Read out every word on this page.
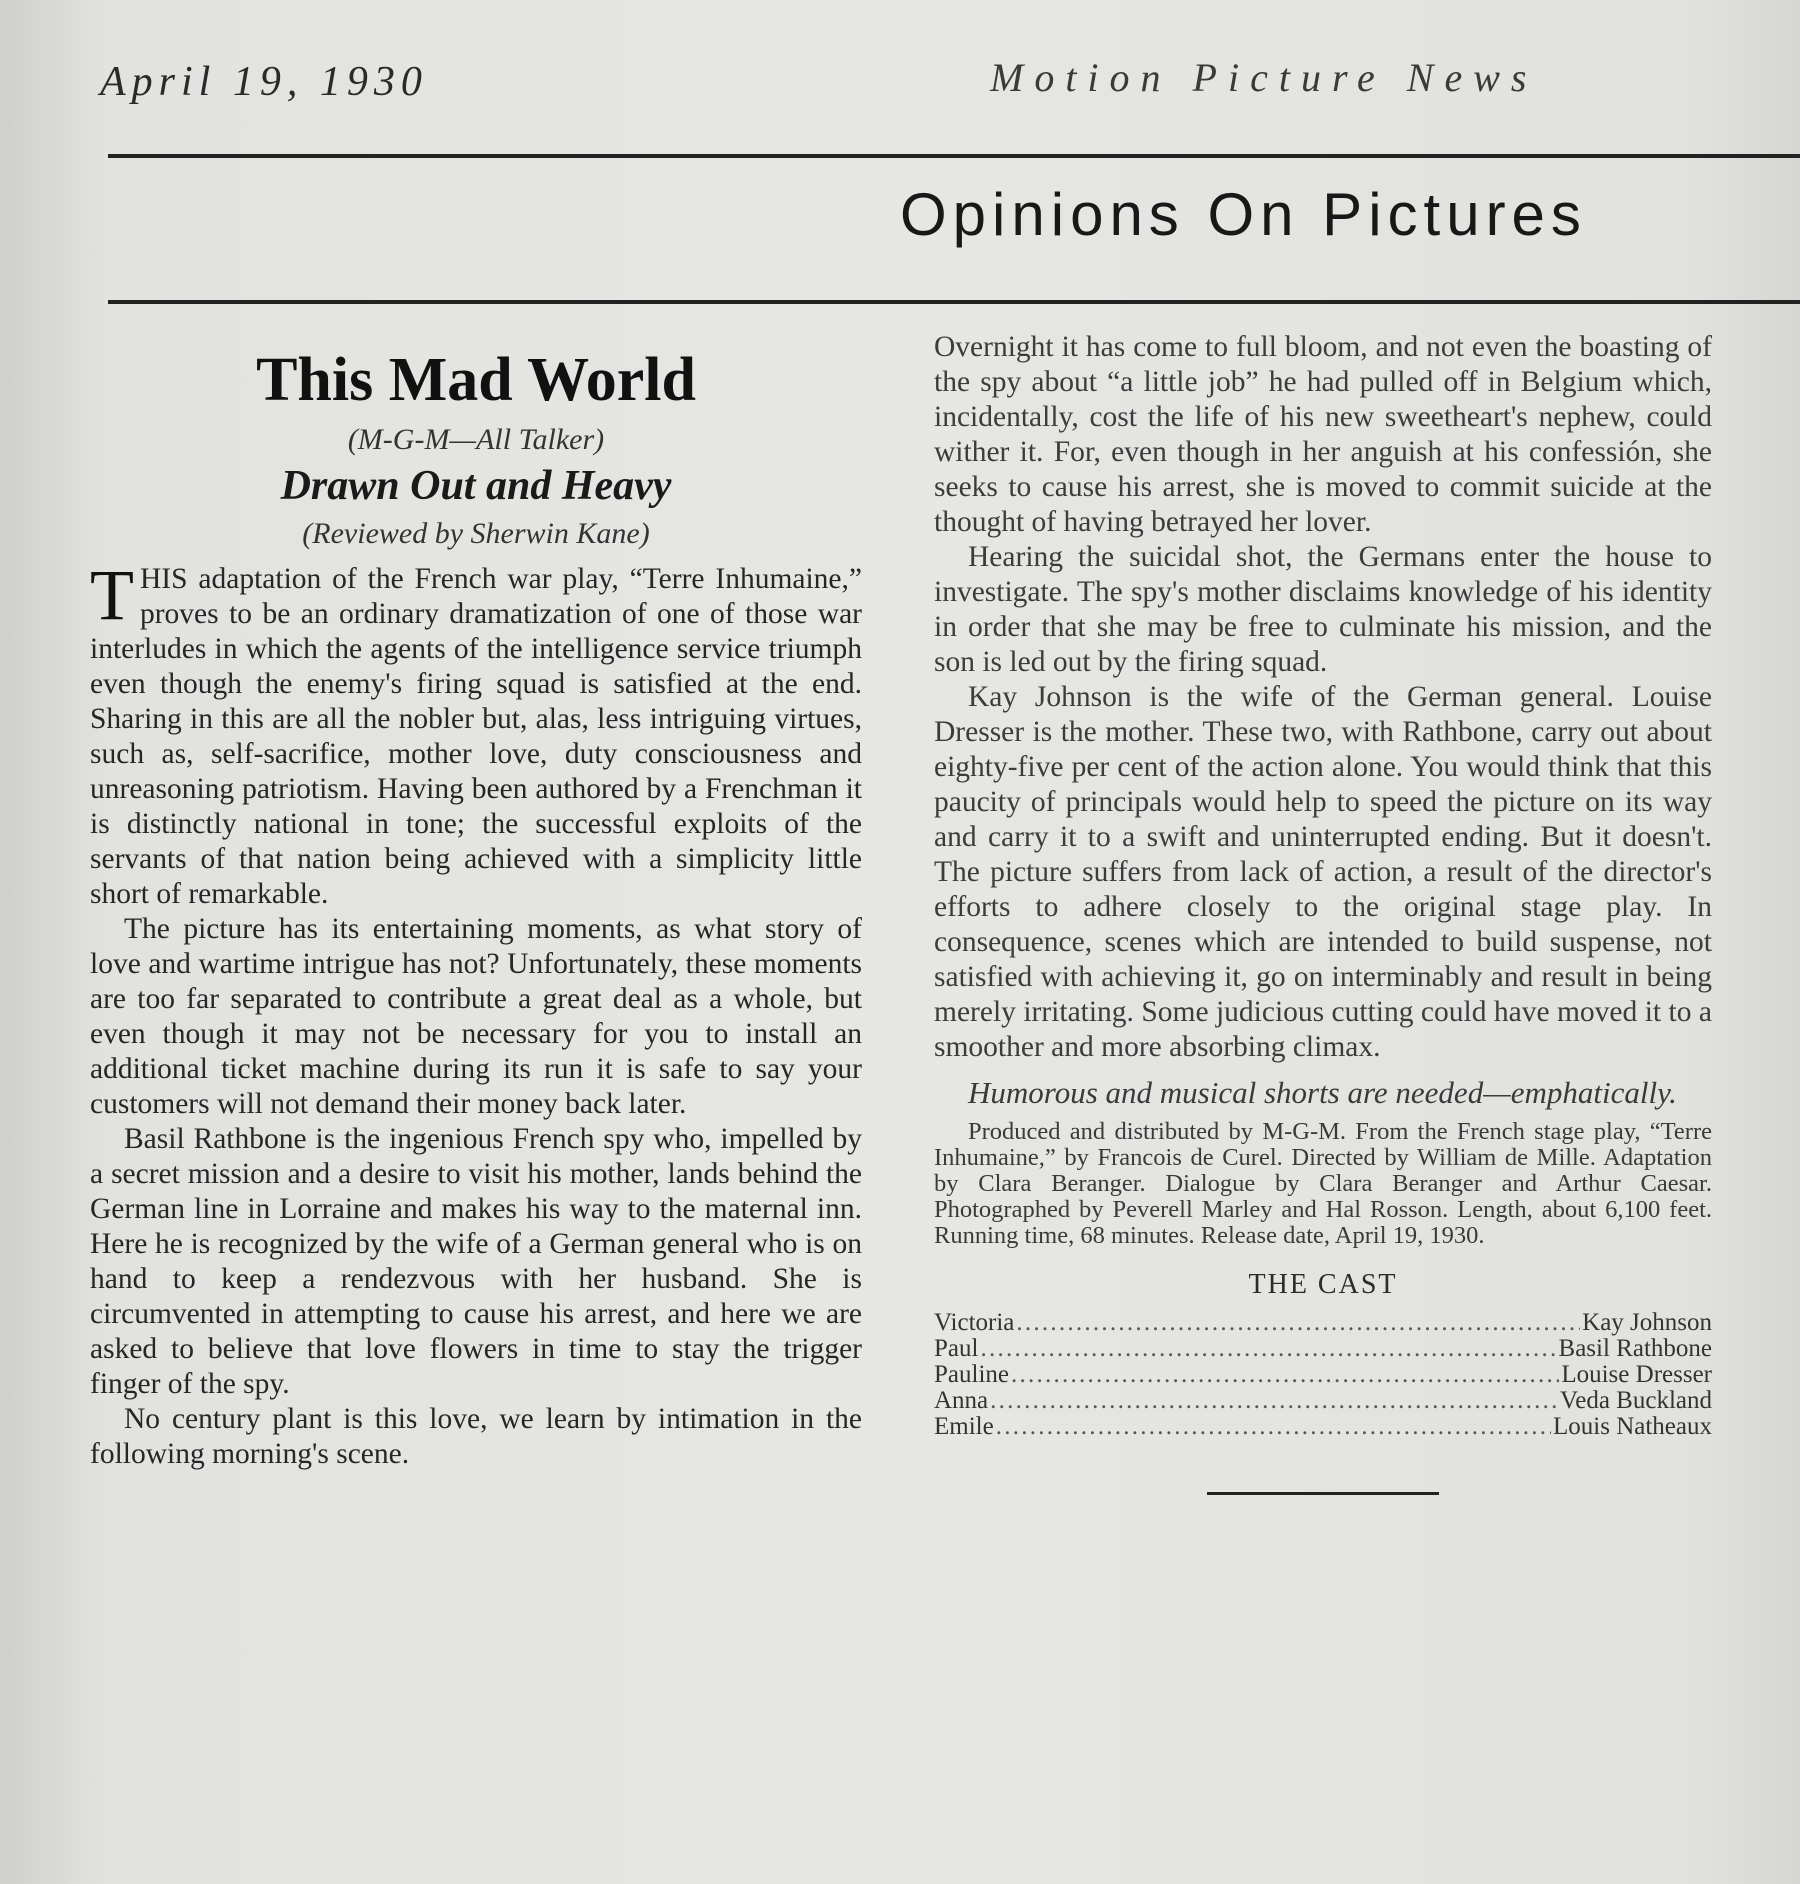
April 19, 1930	Motion Picture News
Opinions On Pictures
This Mad World

(M-G-M—All Talker)

Drawn Out and Heavy

(Reviewed by Sherwin Kane)

THIS adaptation of the French war play, “Terre Inhumaine,” proves to be an ordinary dramatization of one of those war interludes in which the agents of the intelligence service triumph even though the enemy's firing squad is satisfied at the end. Sharing in this are all the nobler but, alas, less intriguing virtues, such as, self-sacrifice, mother love, duty consciousness and unreasoning patriotism. Having been authored by a Frenchman it is distinctly national in tone; the successful exploits of the servants of that nation being achieved with a simplicity little short of remarkable.

The picture has its entertaining moments, as what story of love and wartime intrigue has not? Unfortunately, these moments are too far separated to contribute a great deal as a whole, but even though it may not be necessary for you to install an additional ticket machine during its run it is safe to say your customers will not demand their money back later.

Basil Rathbone is the ingenious French spy who, impelled by a secret mission and a desire to visit his mother, lands behind the German line in Lorraine and makes his way to the maternal inn. Here he is recognized by the wife of a German general who is on hand to keep a rendezvous with her husband. She is circumvented in attempting to cause his arrest, and here we are asked to believe that love flowers in time to stay the trigger finger of the spy.

No century plant is this love, we learn by intimation in the following morning's scene.

Overnight it has come to full bloom, and not even the boasting of the spy about “a little job” he had pulled off in Belgium which, incidentally, cost the life of his new sweetheart's nephew, could wither it. For, even though in her anguish at his confessión, she seeks to cause his arrest, she is moved to commit suicide at the thought of having betrayed her lover.

Hearing the suicidal shot, the Germans enter the house to investigate. The spy's mother disclaims knowledge of his identity in order that she may be free to culminate his mission, and the son is led out by the firing squad.

Kay Johnson is the wife of the German general. Louise Dresser is the mother. These two, with Rathbone, carry out about eighty-five per cent of the action alone. You would think that this paucity of principals would help to speed the picture on its way and carry it to a swift and uninterrupted ending. But it doesn't. The picture suffers from lack of action, a result of the director's efforts to adhere closely to the original stage play. In consequence, scenes which are intended to build suspense, not satisfied with achieving it, go on interminably and result in being merely irritating. Some judicious cutting could have moved it to a smoother and more absorbing climax.

Humorous and musical shorts are needed—emphatically.

Produced and distributed by M-G-M. From the French stage play, “Terre Inhumaine,” by Francois de Curel. Directed by William de Mille. Adaptation by Clara Beranger. Dialogue by Clara Beranger and Arthur Caesar. Photographed by Peverell Marley and Hal Rosson. Length, about 6,100 feet. Running time, 68 minutes. Release date, April 19, 1930.

THE CAST
Victoria . . .	Kay Johnson
Paul . . .	Basil Rathbone
Pauline . . .	Louise Dresser
Anna . . .	Veda Buckland
Emile . . .	Louis Natheaux
